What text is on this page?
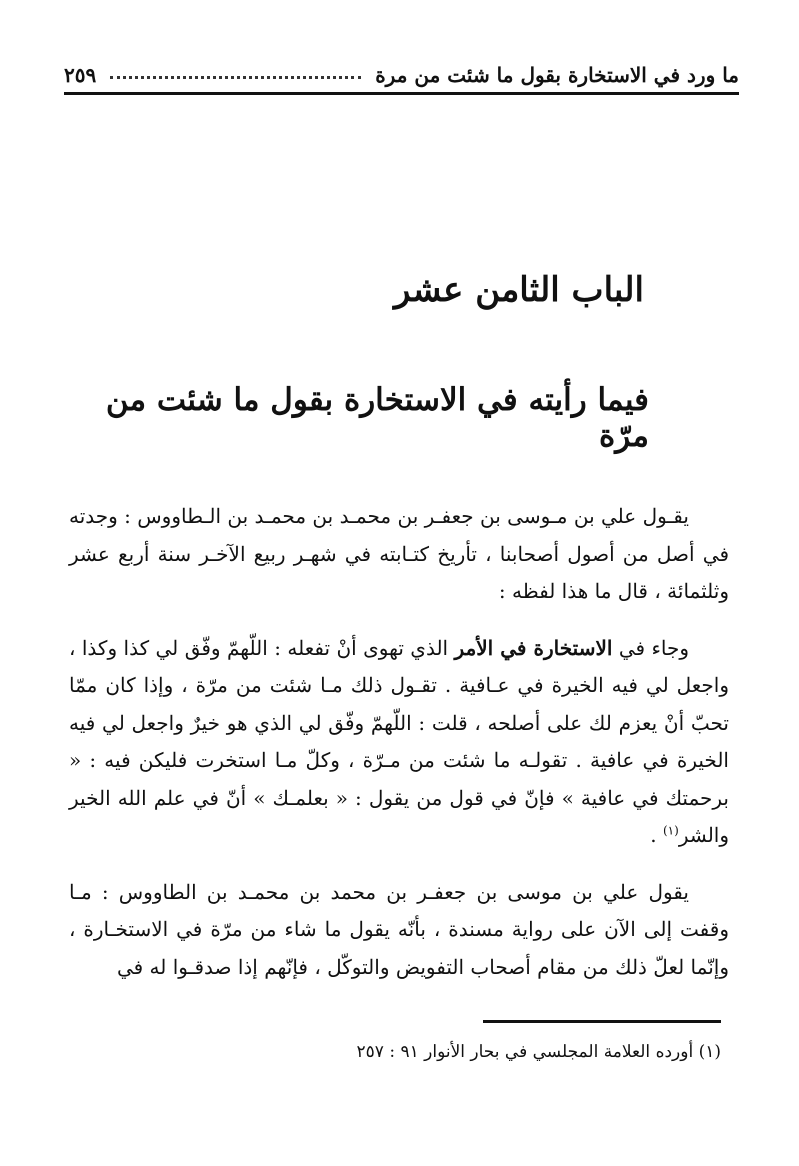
ما ورد في الاستخارة بقول ما شئت من مرة
٢٥٩
الباب الثامن عشر
فيما رأيته في الاستخارة بقول ما شئت من مرّة

يقـول علي بن مـوسى بن جعفـر بن محمـد بن محمـد بن الـطاووس : وجدته في أصل من أصول أصحابنا ، تأريخ كتـابته في شهـر ربيع الآخـر سنة أربع عشر وثلثمائة ، قال ما هذا لفظه :

وجاء في الاستخارة في الأمر الذي تهوى أنْ تفعله : اللّهمّ وفّق لي كذا وكذا ، واجعل لي فيه الخيرة في عـافية . تقـول ذلك مـا شئت من مرّة ، وإذا كان ممّا تحبّ أنْ يعزم لك على أصلحه ، قلت : اللّهمّ وفّق لي الذي هو خيرٌ واجعل لي فيه الخيرة في عافية . تقولـه ما شئت من مـرّة ، وكلّ مـا استخرت فليكن فيه : « برحمتك في عافية » فإنّ في قول من يقول : « بعلمـك » أنّ في علم الله الخير والشر$^{(١)}$ .

يقول علي بن موسى بن جعفـر بن محمد بن محمـد بن الطاووس : مـا وقفت إلى الآن على رواية مسندة ، بأنّه يقول ما شاء من مرّة في الاستخـارة ، وإنّما لعلّ ذلك من مقام أصحاب التفويض والتوكّل ، فإنّهم إذا صدقـوا له في

(١) أورده العلامة المجلسي في بحار الأنوار ٩١ : ٢٥٧
